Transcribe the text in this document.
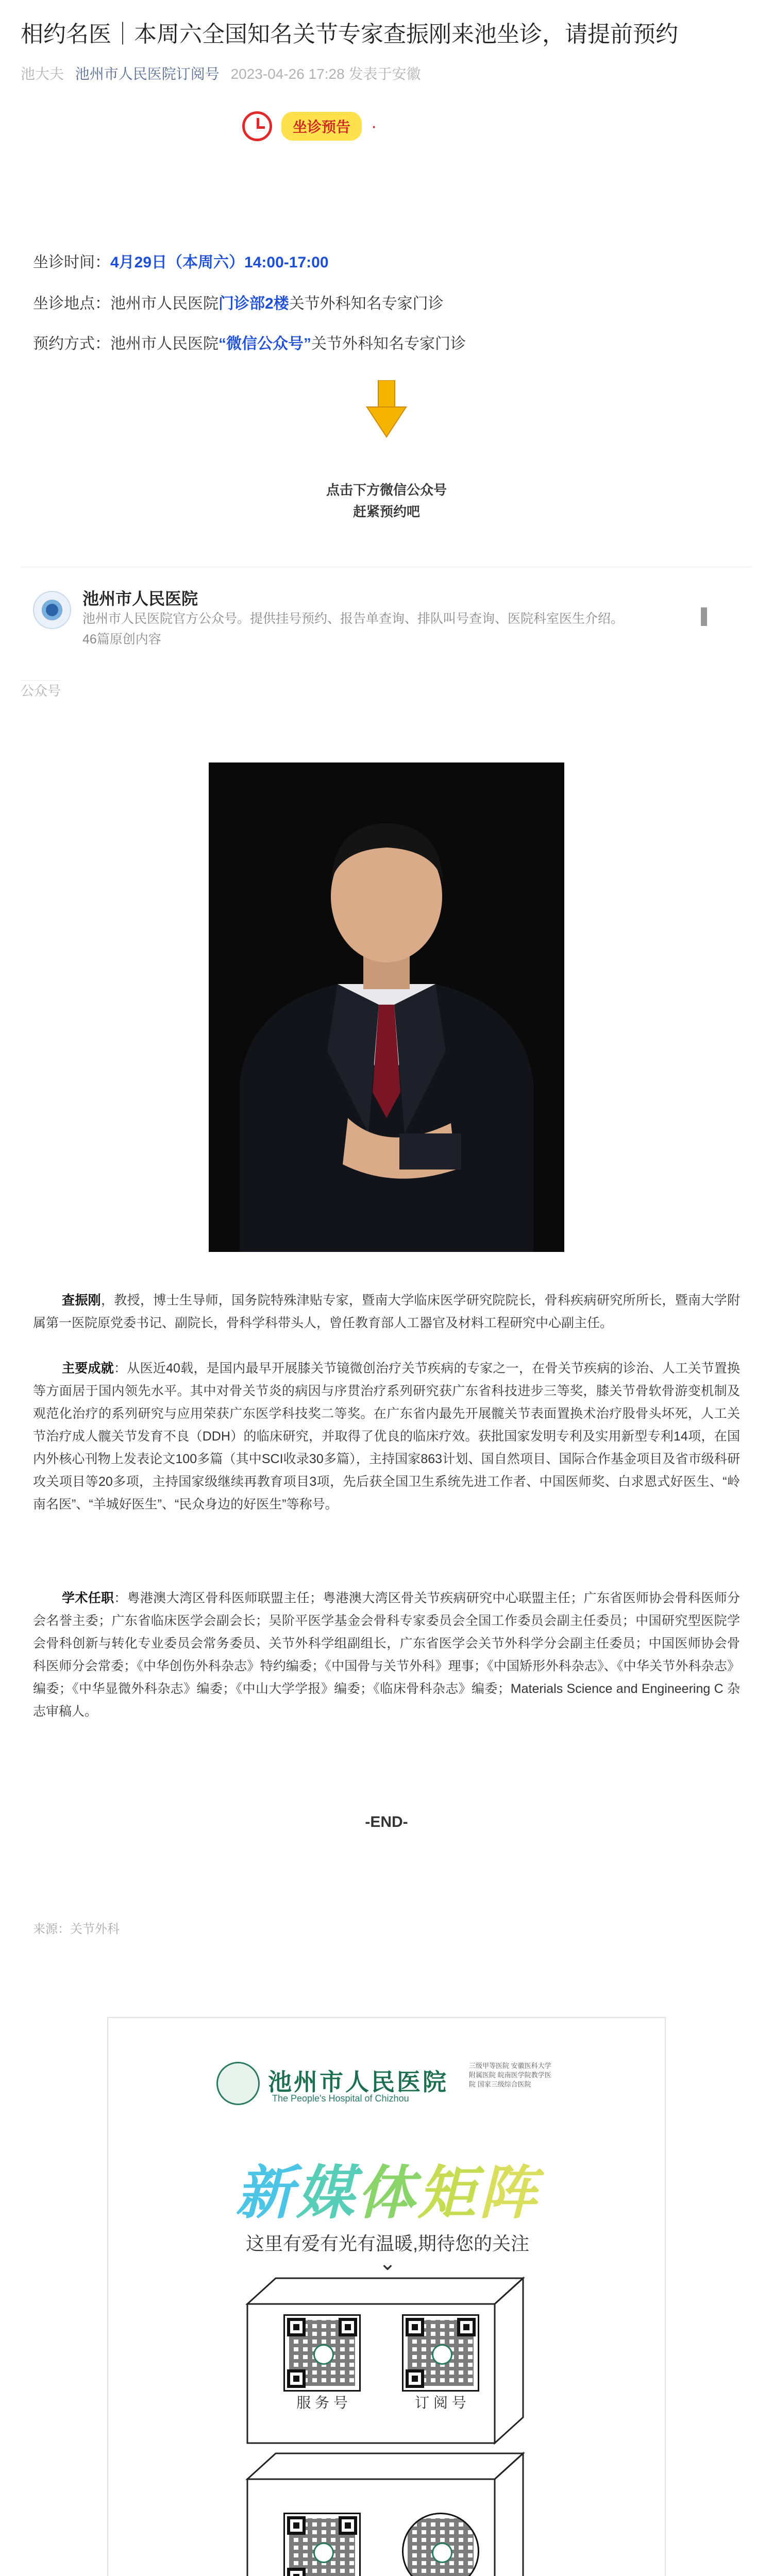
相约名医｜本周六全国知名关节专家查振刚来池坐诊，请提前预约
池大夫 池州市人民医院订阅号 2023-04-26 17:28 发表于安徽
坐诊预告	·
坐诊时间：4月29日（本周六）14:00-17:00
坐诊地点：池州市人民医院门诊部2楼关节外科知名专家门诊
预约方式：池州市人民医院“微信公众号”关节外科知名专家门诊
点击下方微信公众号
赶紧预约吧
池州市人民医院
池州市人民医院官方公众号。提供挂号预约、报告单查询、排队叫号查询、医院科室医生介绍。
46篇原创内容
公众号
查振刚，教授，博士生导师，国务院特殊津贴专家，暨南大学临床医学研究院院长，骨科疾病研究所所长，暨南大学附属第一医院原党委书记、副院长，骨科学科带头人，曾任教育部人工器官及材料工程研究中心副主任。
主要成就：从医近40载，是国内最早开展膝关节镜微创治疗关节疾病的专家之一，在骨关节疾病的诊治、人工关节置换等方面居于国内领先水平。其中对骨关节炎的病因与序贯治疗系列研究获广东省科技进步三等奖，膝关节骨软骨游变机制及观范化治疗的系列研究与应用荣获广东医学科技奖二等奖。在广东省内最先开展髋关节表面置换术治疗股骨头坏死，人工关节治疗成人髋关节发育不良（DDH）的临床研究，并取得了优良的临床疗效。获批国家发明专利及实用新型专利14项，在国内外核心刊物上发表论文100多篇（其中SCI收录30多篇），主持国家863计划、国自然项目、国际合作基金项目及省市级科研攻关项目等20多项，主持国家级继续再教育项目3项，先后获全国卫生系统先进工作者、中国医师奖、白求恩式好医生、“岭南名医”、“羊城好医生”、“民众身边的好医生”等称号。
学术任职：粤港澳大湾区骨科医师联盟主任；粤港澳大湾区骨关节疾病研究中心联盟主任；广东省医师协会骨科医师分会名誉主委；广东省临床医学会副会长；吴阶平医学基金会骨科专家委员会全国工作委员会副主任委员；中国研究型医院学会骨科创新与转化专业委员会常务委员、关节外科学组副组长，广东省医学会关节外科学分会副主任委员；中国医师协会骨科医师分会常委；《中华创伤外科杂志》特约编委；《中国骨与关节外科》理事；《中国矫形外科杂志》、《中华关节外科杂志》编委；《中华显微外科杂志》编委；《中山大学学报》编委；《临床骨科杂志》编委；Materials Science and Engineering C 杂志审稿人。
-END-
来源：关节外科
池州市人民医院
The People's Hospital of Chizhou
三级甲等医院 安徽医科大学附属医院 皖南医学院教学医院 国家三级综合医院
新媒体矩阵
这里有爱有光有温暖,期待您的关注
⌄
服 务 号	订 阅 号
